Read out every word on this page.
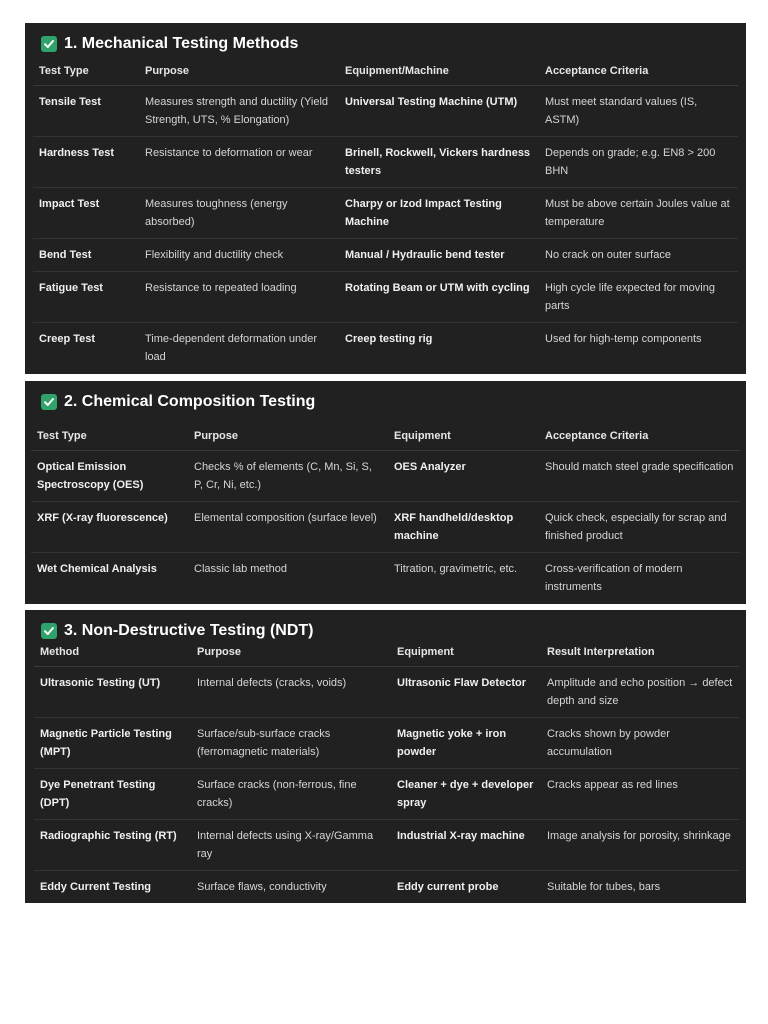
1. Mechanical Testing Methods
Test Type	Purpose	Equipment/Machine	Acceptance Criteria
Tensile Test	Measures strength and ductility (Yield Strength, UTS, % Elongation)	Universal Testing Machine (UTM)	Must meet standard values (IS, ASTM)
Hardness Test	Resistance to deformation or wear	Brinell, Rockwell, Vickers hardness testers	Depends on grade; e.g. EN8 > 200 BHN
Impact Test	Measures toughness (energy absorbed)	Charpy or Izod Impact Testing Machine	Must be above certain Joules value at temperature
Bend Test	Flexibility and ductility check	Manual / Hydraulic bend tester	No crack on outer surface
Fatigue Test	Resistance to repeated loading	Rotating Beam or UTM with cycling	High cycle life expected for moving parts
Creep Test	Time-dependent deformation under load	Creep testing rig	Used for high-temp components
2. Chemical Composition Testing
Test Type	Purpose	Equipment	Acceptance Criteria
Optical Emission Spectroscopy (OES)	Checks % of elements (C, Mn, Si, S, P, Cr, Ni, etc.)	OES Analyzer	Should match steel grade specification
XRF (X-ray fluorescence)	Elemental composition (surface level)	XRF handheld/desktop machine	Quick check, especially for scrap and finished product
Wet Chemical Analysis	Classic lab method	Titration, gravimetric, etc.	Cross-verification of modern instruments
3. Non-Destructive Testing (NDT)
Method	Purpose	Equipment	Result Interpretation
Ultrasonic Testing (UT)	Internal defects (cracks, voids)	Ultrasonic Flaw Detector	Amplitude and echo position → defect depth and size
Magnetic Particle Testing (MPT)	Surface/sub-surface cracks (ferromagnetic materials)	Magnetic yoke + iron powder	Cracks shown by powder accumulation
Dye Penetrant Testing (DPT)	Surface cracks (non-ferrous, fine cracks)	Cleaner + dye + developer spray	Cracks appear as red lines
Radiographic Testing (RT)	Internal defects using X-ray/Gamma ray	Industrial X-ray machine	Image analysis for porosity, shrinkage
Eddy Current Testing	Surface flaws, conductivity	Eddy current probe	Suitable for tubes, bars
